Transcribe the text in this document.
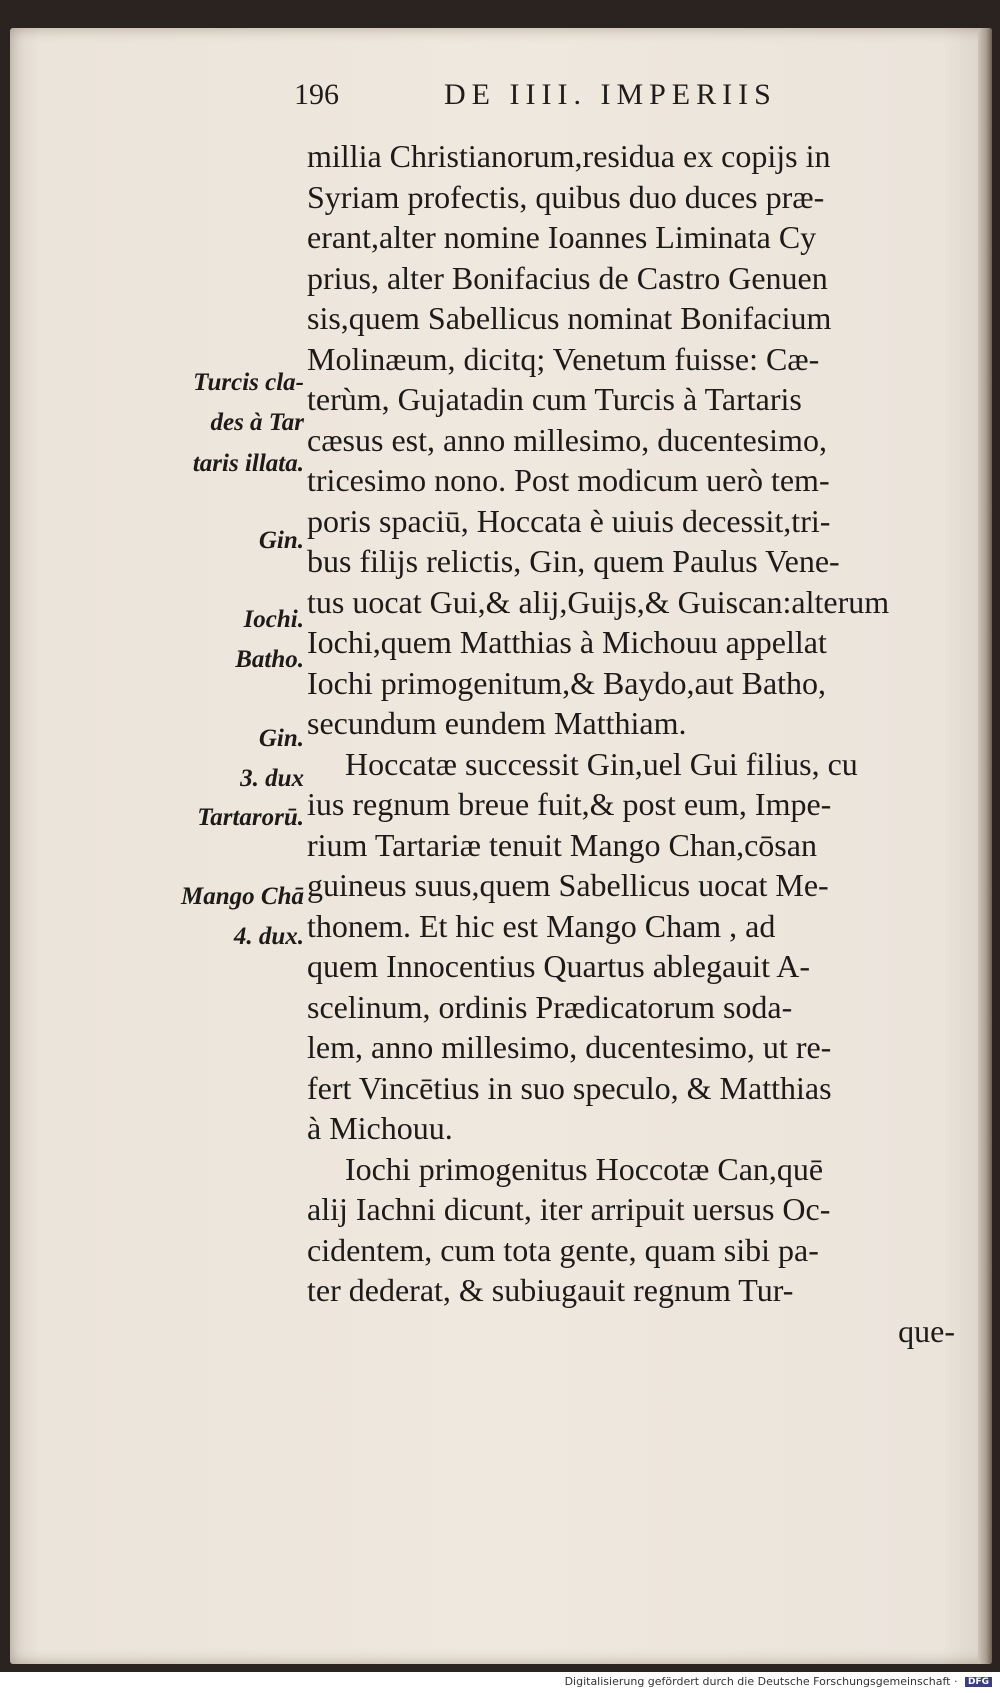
196	DE IIII. IMPERIIS
Turcis cla-
des à Tar
taris illata.
Gin.
Iochi.
Batho.
Gin.
3. dux
Tartarorū.
Mango Chā
4. dux.
millia Christianorum,residua ex copijs in
Syriam profectis, quibus duo duces præ-
erant,alter nomine Ioannes Liminata Cy
prius, alter Bonifacius de Castro Genuen
sis,quem Sabellicus nominat Bonifacium
Molinæum, dicitq; Venetum fuisse: Cæ-
terùm, Gujatadin cum Turcis à Tartaris
cæsus est, anno millesimo, ducentesimo,
tricesimo nono. Post modicum uerò tem-
poris spaciū, Hoccata è uiuis decessit,tri-
bus filijs relictis, Gin, quem Paulus Vene-
tus uocat Gui,& alij,Guijs,& Guiscan:alterum
Iochi,quem Matthias à Michouu appellat
Iochi primogenitum,& Baydo,aut Batho,
secundum eundem Matthiam.
Hoccatæ successit Gin,uel Gui filius, cu
ius regnum breue fuit,& post eum, Impe-
rium Tartariæ tenuit Mango Chan,cōsan
guineus suus,quem Sabellicus uocat Me-
thonem. Et hic est Mango Cham , ad
quem Innocentius Quartus ablegauit A-
scelinum, ordinis Prædicatorum soda-
lem, anno millesimo, ducentesimo, ut re-
fert Vincētius in suo speculo, & Matthias
à Michouu.
Iochi primogenitus Hoccotæ Can,quē
alij Iachni dicunt, iter arripuit uersus Oc-
cidentem, cum tota gente, quam sibi pa-
ter dederat, & subiugauit regnum Tur-
que-
Digitalisierung gefördert durch die Deutsche Forschungsgemeinschaft · DFG
